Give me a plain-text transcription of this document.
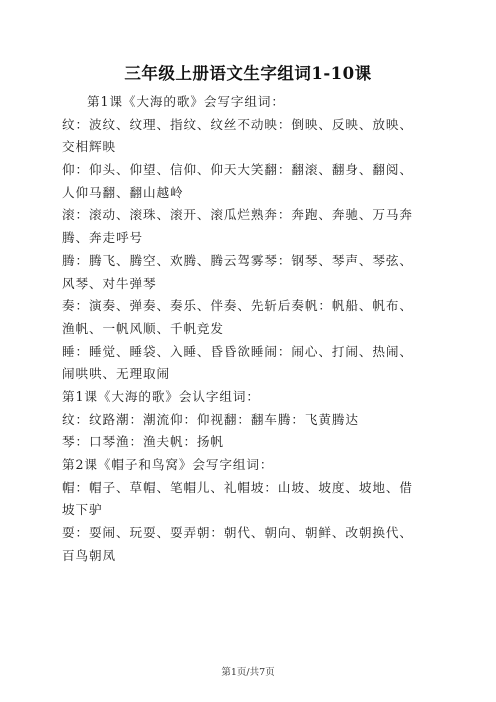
三年级上册语文生字组词1-10课
第1课《大海的歌》会写字组词：
纹：波纹、纹理、指纹、纹丝不动映：倒映、反映、放映、
交相辉映
仰：仰头、仰望、信仰、仰天大笑翻：翻滚、翻身、翻阅、
人仰马翻、翻山越岭
滚：滚动、滚珠、滚开、滚瓜烂熟奔：奔跑、奔驰、万马奔
腾、奔走呼号
腾：腾飞、腾空、欢腾、腾云驾雾琴：钢琴、琴声、琴弦、
风琴、对牛弹琴
奏：演奏、弹奏、奏乐、伴奏、先斩后奏帆：帆船、帆布、
渔帆、一帆风顺、千帆竞发
睡：睡觉、睡袋、入睡、昏昏欲睡闹：闹心、打闹、热闹、
闹哄哄、无理取闹
第1课《大海的歌》会认字组词：
纹：纹路潮：潮流仰：仰视翻：翻车腾：飞黄腾达
琴：口琴渔：渔夫帆：扬帆
第2课《帽子和鸟窝》会写字组词：
帽：帽子、草帽、笔帽儿、礼帽坡：山坡、坡度、坡地、借
坡下驴
耍：耍闹、玩耍、耍弄朝：朝代、朝向、朝鲜、改朝换代、
百鸟朝凤
第1页/共7页
